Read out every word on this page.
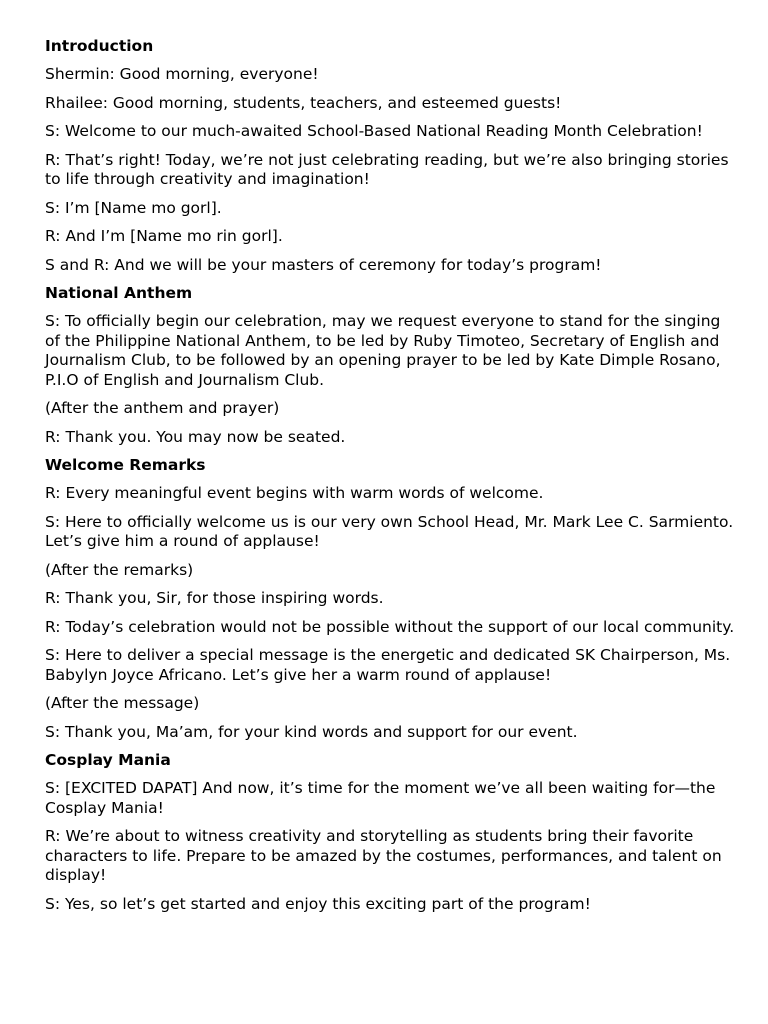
Introduction
Shermin: Good morning, everyone!
Rhailee: Good morning, students, teachers, and esteemed guests!
S: Welcome to our much-awaited School-Based National Reading Month Celebration!
R: That’s right! Today, we’re not just celebrating reading, but we’re also bringing stories to life through creativity and imagination!
S: I’m [Name mo gorl].
R: And I’m [Name mo rin gorl].
S and R: And we will be your masters of ceremony for today’s program!
National Anthem
S: To officially begin our celebration, may we request everyone to stand for the singing of the Philippine National Anthem, to be led by Ruby Timoteo, Secretary of English and Journalism Club, to be followed by an opening prayer to be led by Kate Dimple Rosano, P.I.O of English and Journalism Club.
(After the anthem and prayer)
R: Thank you. You may now be seated.
Welcome Remarks
R: Every meaningful event begins with warm words of welcome.
S: Here to officially welcome us is our very own School Head, Mr. Mark Lee C. Sarmiento. Let’s give him a round of applause!
(After the remarks)
R: Thank you, Sir, for those inspiring words.
R: Today’s celebration would not be possible without the support of our local community.
S: Here to deliver a special message is the energetic and dedicated SK Chairperson, Ms. Babylyn Joyce Africano. Let’s give her a warm round of applause!
(After the message)
S: Thank you, Ma’am, for your kind words and support for our event.
Cosplay Mania
S: [EXCITED DAPAT] And now, it’s time for the moment we’ve all been waiting for—the Cosplay Mania!
R: We’re about to witness creativity and storytelling as students bring their favorite characters to life. Prepare to be amazed by the costumes, performances, and talent on display!
S: Yes, so let’s get started and enjoy this exciting part of the program!
